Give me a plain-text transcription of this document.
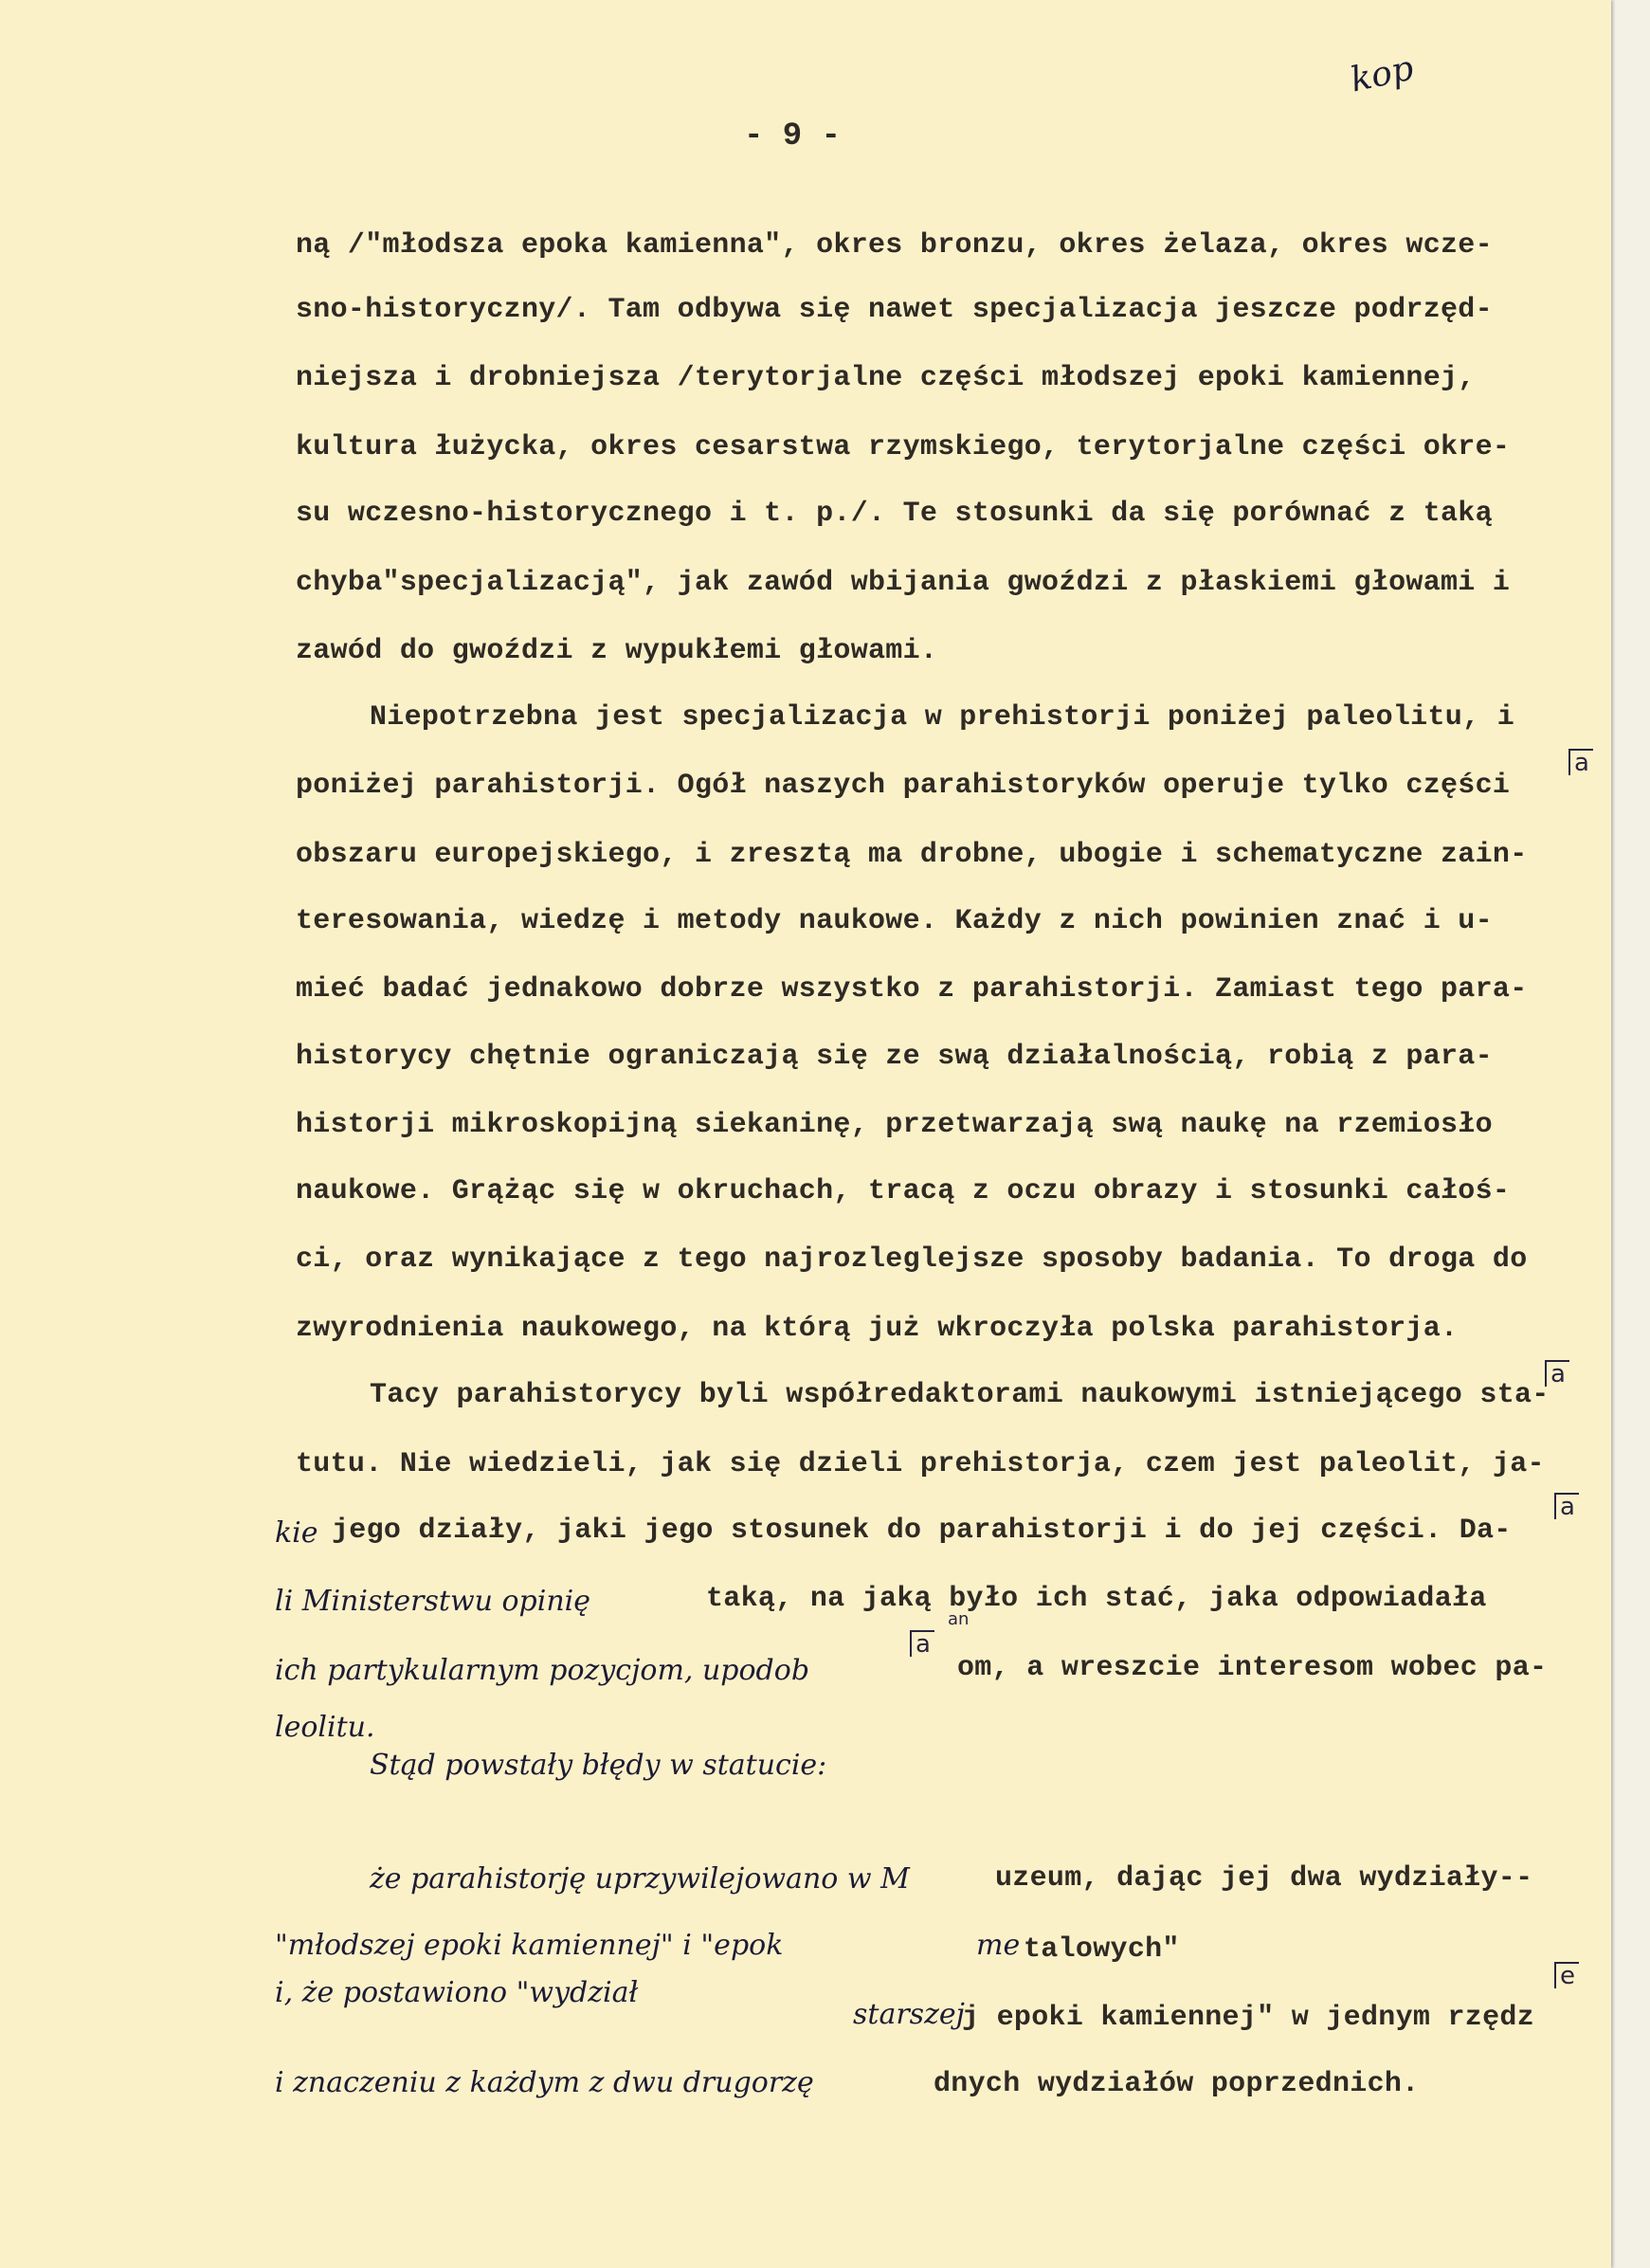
- 9 -
kop
ną /"młodsza epoka kamienna", okres bronzu, okres żelaza, okres wcze-
sno-historyczny/. Tam odbywa się nawet specjalizacja jeszcze podrzęd-
niejsza i drobniejsza /terytorjalne części młodszej epoki kamiennej,
kultura łużycka, okres cesarstwa rzymskiego, terytorjalne części okre-
su wczesno-historycznego i t. p./. Te stosunki da się porównać z taką
chyba"specjalizacją", jak zawód wbijania gwoździ z płaskiemi głowami i
zawód do gwoździ z wypukłemi głowami.
Niepotrzebna jest specjalizacja w prehistorji poniżej paleolitu, i
a
poniżej parahistorji. Ogół naszych parahistoryków operuje tylko części
obszaru europejskiego, i zresztą ma drobne, ubogie i schematyczne zain-
teresowania, wiedzę i metody naukowe. Każdy z nich powinien znać i u-
mieć badać jednakowo dobrze wszystko z parahistorji. Zamiast tego para-
historycy chętnie ograniczają się ze swą działalnością, robią z para-
historji mikroskopijną siekaninę, przetwarzają swą naukę na rzemiosło
naukowe. Grążąc się w okruchach, tracą z oczu obrazy i stosunki całoś-
ci, oraz wynikające z tego najrozleglejsze sposoby badania. To droga do
zwyrodnienia naukowego, na którą już wkroczyła polska parahistorja.
a
Tacy parahistorycy byli współredaktorami naukowymi istniejącego sta-
tutu. Nie wiedzieli, jak się dzieli prehistorja, czem jest paleolit, ja-
a
kie jego działy, jaki jego stosunek do parahistorji i do jej części. Da-
li Ministerstwu opinię	taką, na jaką było ich stać, jaka odpowiadała
a
ich partykularnym pozycjom, upodob	om, a wreszcie interesom wobec pa-
leolitu.
Stąd powstały błędy w statucie:
że parahistorję uprzywilejowano w M	uzeum, dając jej dwa wydziały--
"młodszej epoki kamiennej" i "epok	me talowych"
e
i, że postawiono "wydział
starszej
j epoki kamiennej" w jednym rzędz
i znaczeniu z każdym z dwu drugorzę	dnych wydziałów poprzednich.
an
